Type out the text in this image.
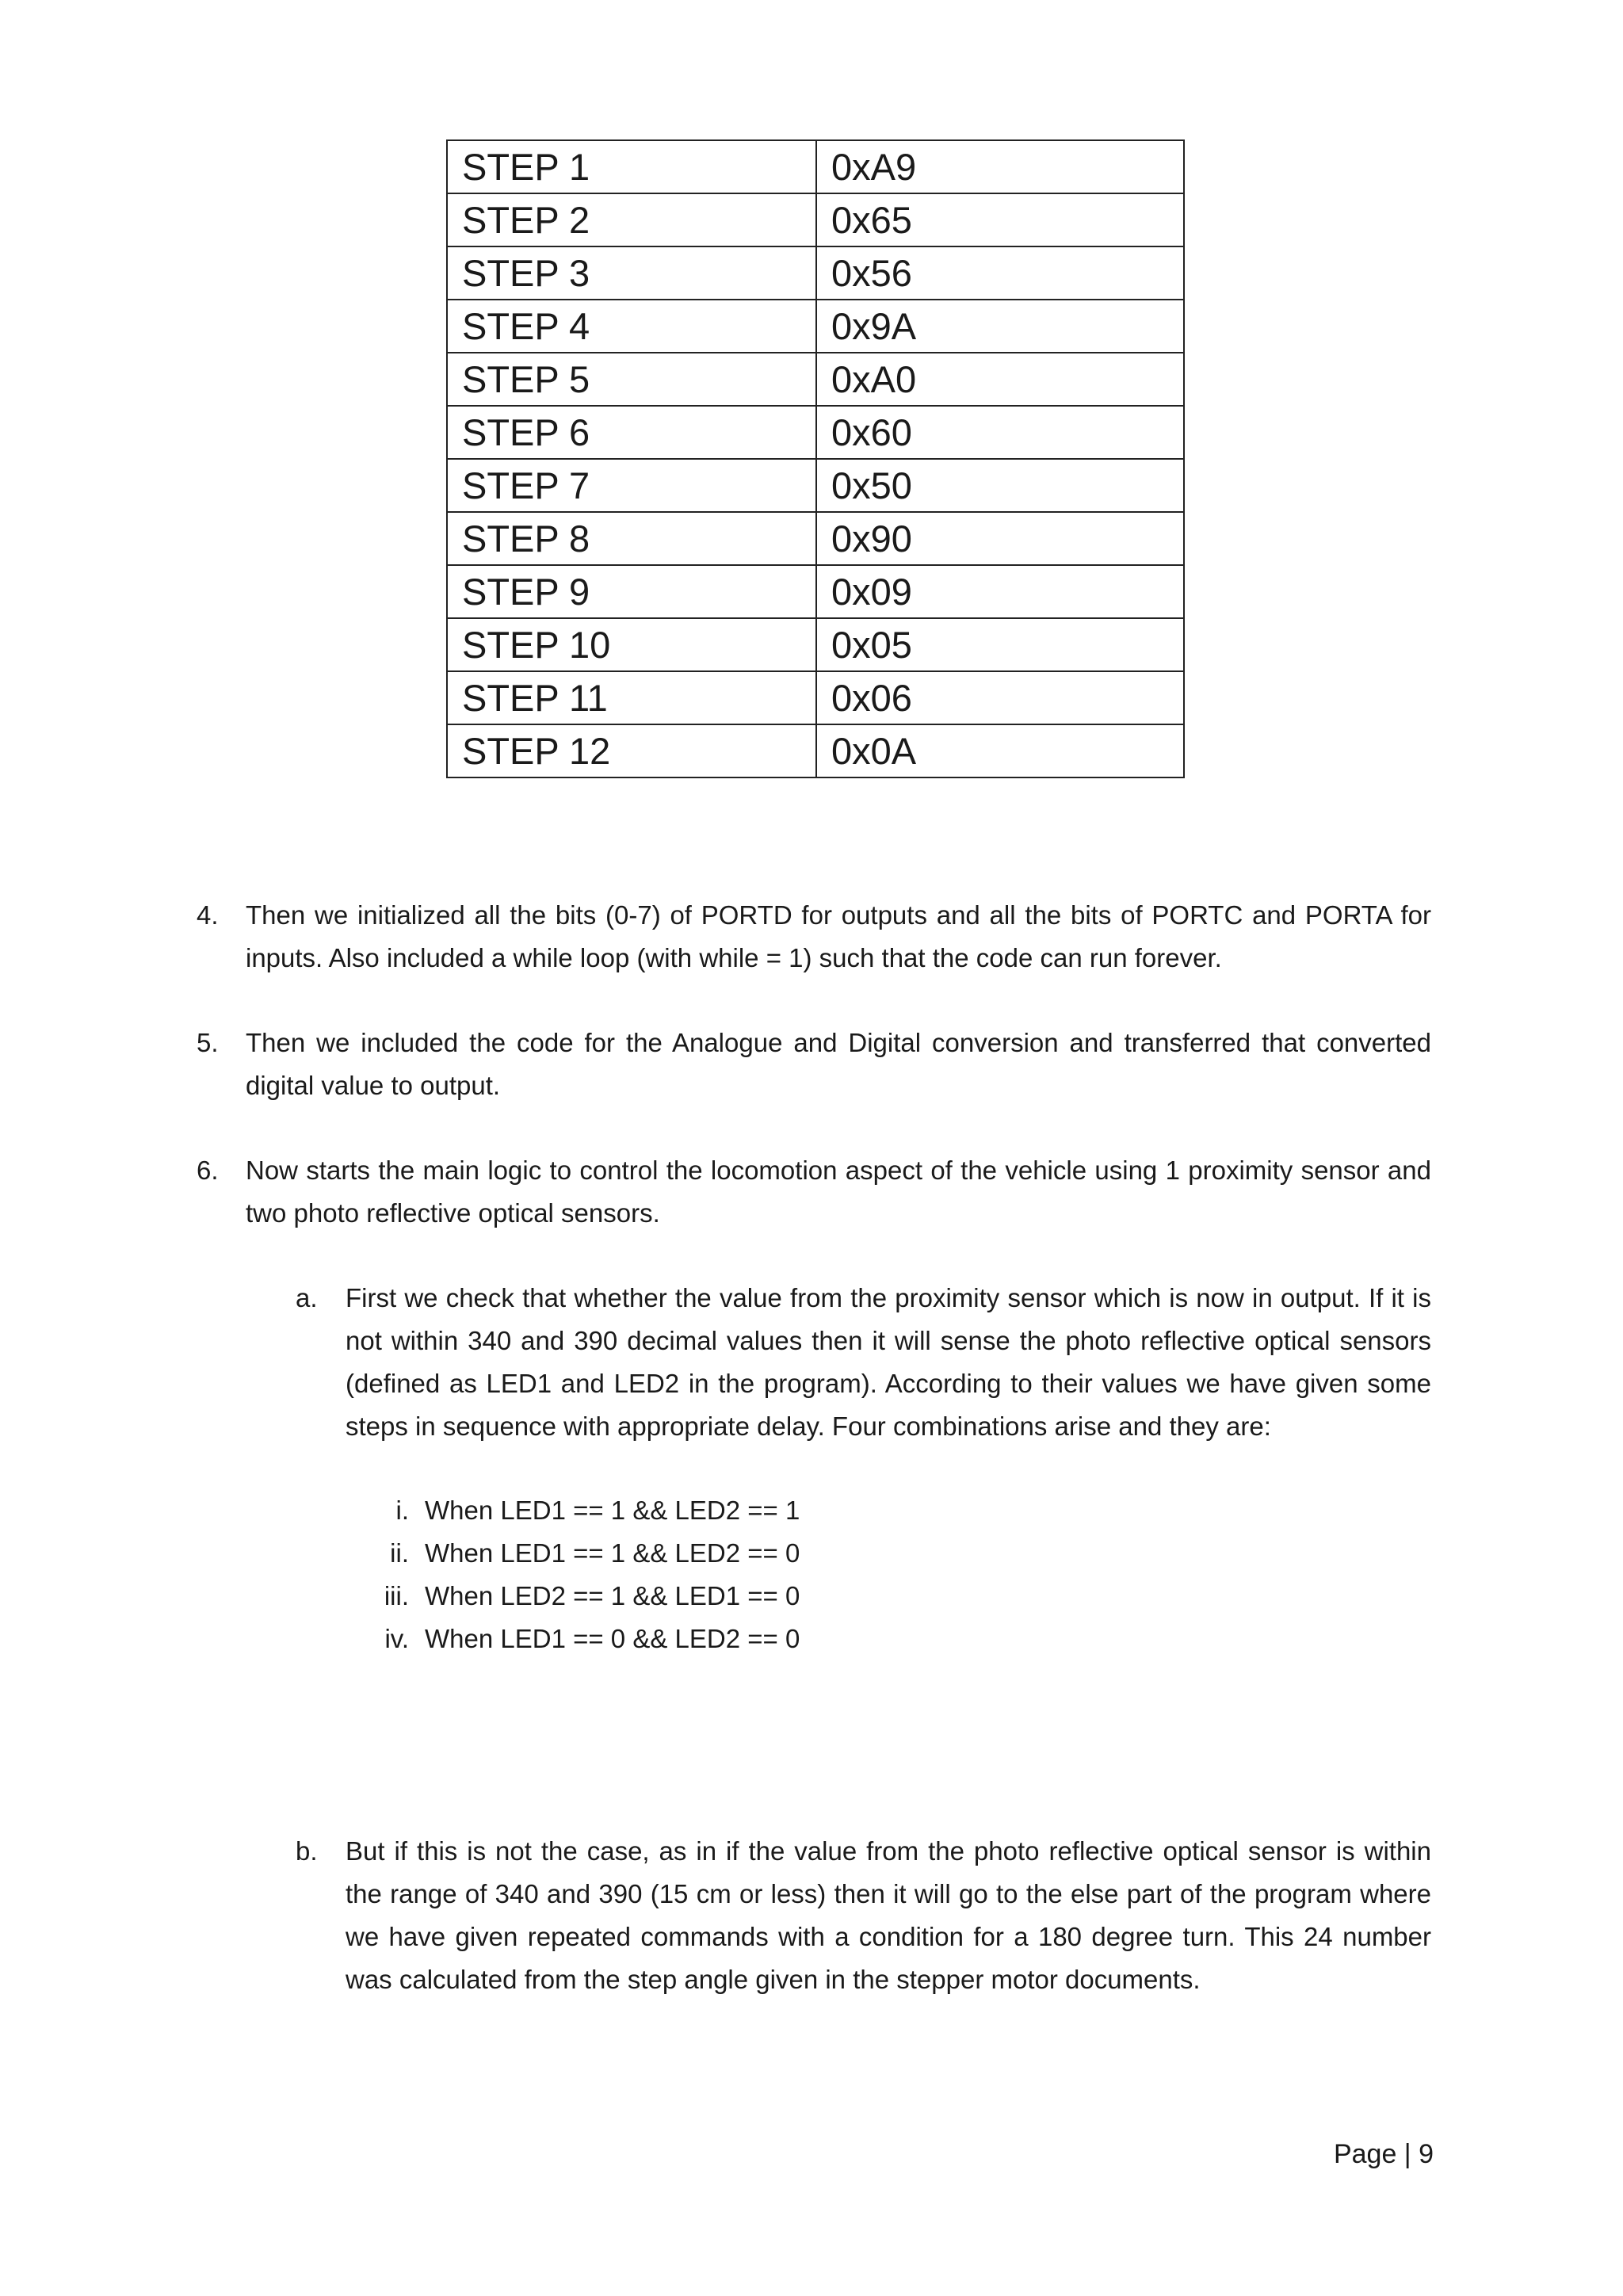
STEP 1	0xA9
STEP 2	0x65
STEP 3	0x56
STEP 4	0x9A
STEP 5	0xA0
STEP 6	0x60
STEP 7	0x50
STEP 8	0x90
STEP 9	0x09
STEP 10	0x05
STEP 11	0x06
STEP 12	0x0A

4. Then we initialized all the bits (0-7) of PORTD for outputs and all the bits of PORTC and PORTA for inputs. Also included a while loop (with while = 1) such that the code can run forever.

5. Then we included the code for the Analogue and Digital conversion and transferred that converted digital value to output.

6. Now starts the main logic to control the locomotion aspect of the vehicle using 1 proximity sensor and two photo reflective optical sensors.

a. First we check that whether the value from the proximity sensor which is now in output. If it is not within 340 and 390 decimal values then it will sense the photo reflective optical sensors (defined as LED1 and LED2 in the program). According to their values we have given some steps in sequence with appropriate delay. Four combinations arise and they are:

i. When LED1 == 1 && LED2 == 1
ii. When LED1 == 1 && LED2 == 0
iii. When LED2 == 1 && LED1 == 0
iv. When LED1 == 0 && LED2 == 0

b. But if this is not the case, as in if the value from the photo reflective optical sensor is within the range of 340 and 390 (15 cm or less) then it will go to the else part of the program where we have given repeated commands with a condition for a 180 degree turn. This 24 number was calculated from the step angle given in the stepper motor documents.

Page | 9
